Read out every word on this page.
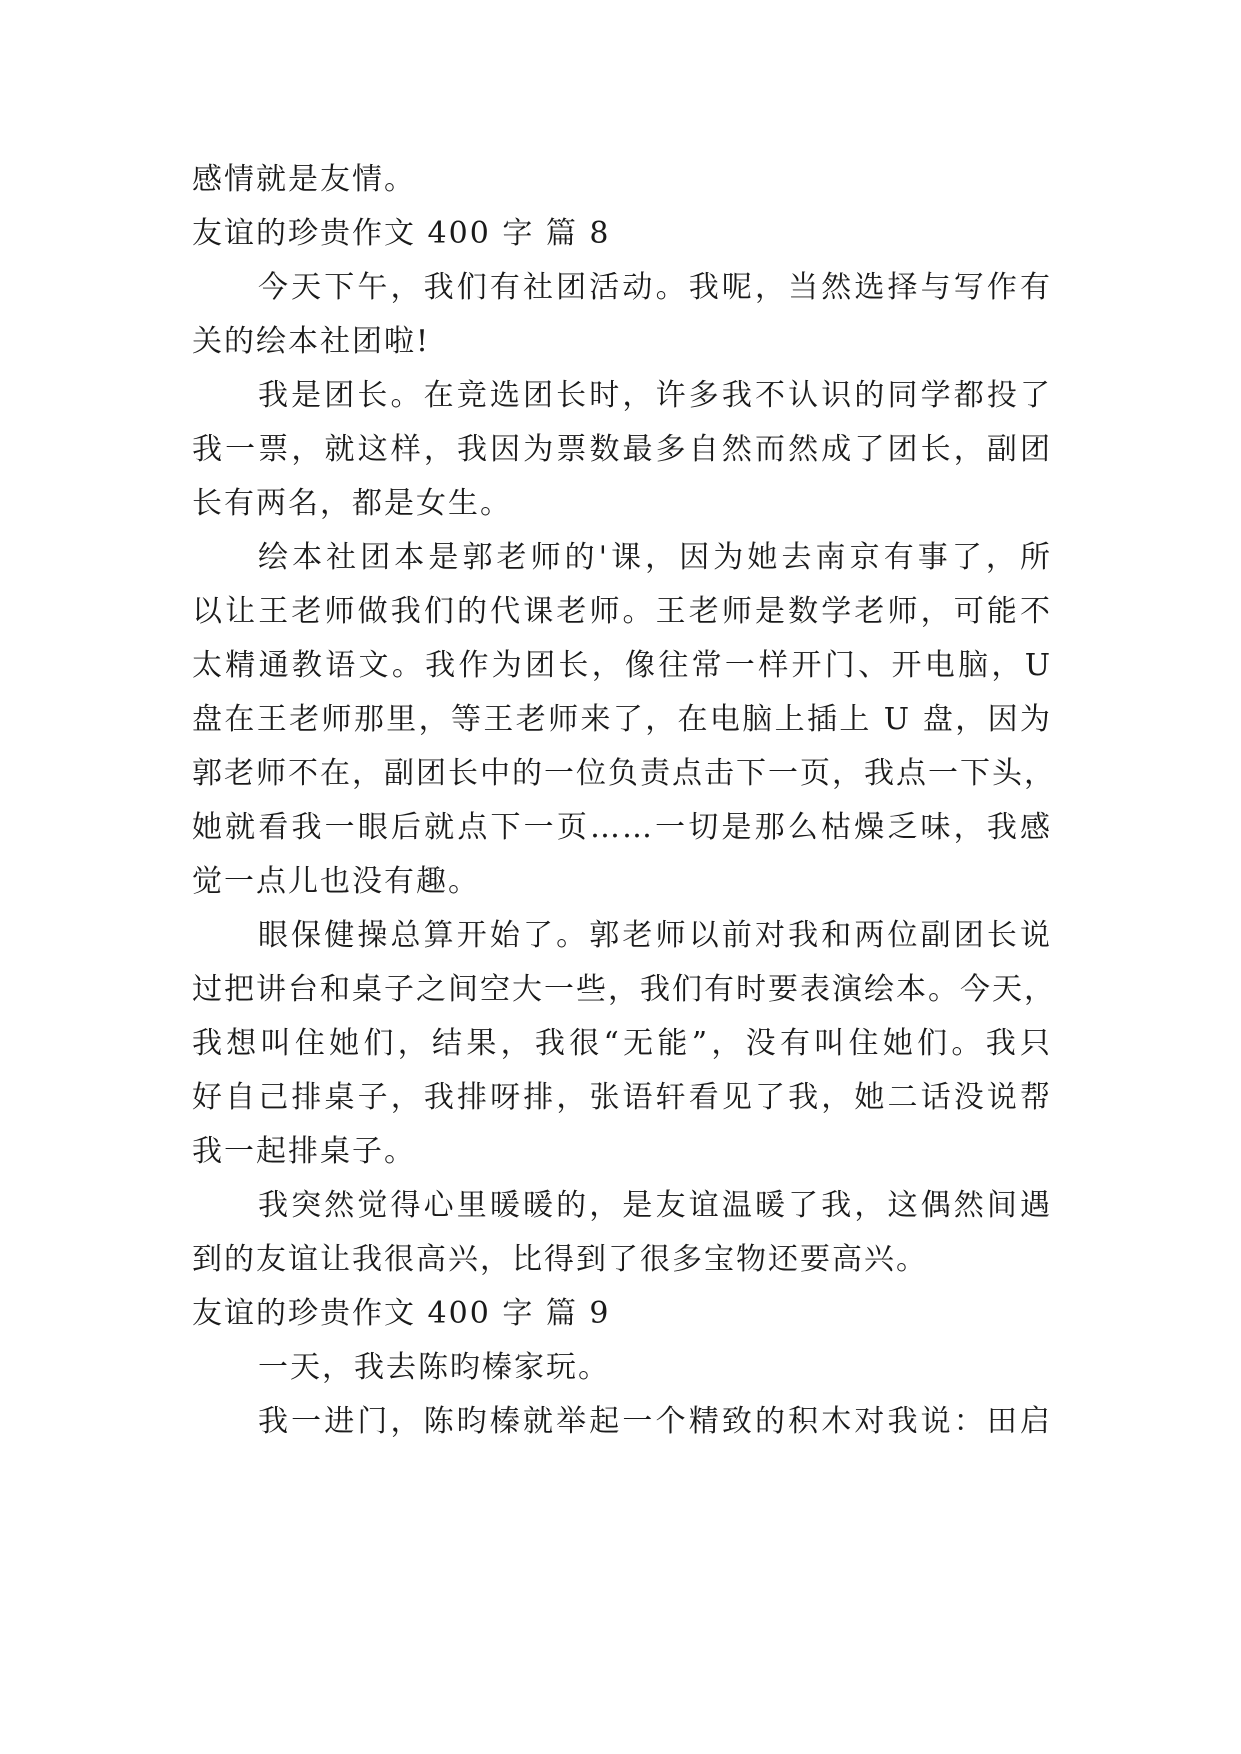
感情就是友情。
友谊的珍贵作文 400 字 篇 8
今天下午，我们有社团活动。我呢，当然选择与写作有
关的绘本社团啦!
我是团长。在竞选团长时，许多我不认识的同学都投了
我一票，就这样，我因为票数最多自然而然成了团长，副团
长有两名，都是女生。
绘本社团本是郭老师的'课，因为她去南京有事了，所
以让王老师做我们的代课老师。王老师是数学老师，可能不
太精通教语文。我作为团长，像往常一样开门、开电脑，U
盘在王老师那里，等王老师来了，在电脑上插上 U 盘，因为
郭老师不在，副团长中的一位负责点击下一页，我点一下头，
她就看我一眼后就点下一页……一切是那么枯燥乏味，我感
觉一点儿也没有趣。
眼保健操总算开始了。郭老师以前对我和两位副团长说
过把讲台和桌子之间空大一些，我们有时要表演绘本。今天，
我想叫住她们，结果，我很“无能”，没有叫住她们。我只
好自己排桌子，我排呀排，张语轩看见了我，她二话没说帮
我一起排桌子。
我突然觉得心里暖暖的，是友谊温暖了我，这偶然间遇
到的友谊让我很高兴，比得到了很多宝物还要高兴。
友谊的珍贵作文 400 字 篇 9
一天，我去陈昀榛家玩。
我一进门，陈昀榛就举起一个精致的积木对我说：田启
